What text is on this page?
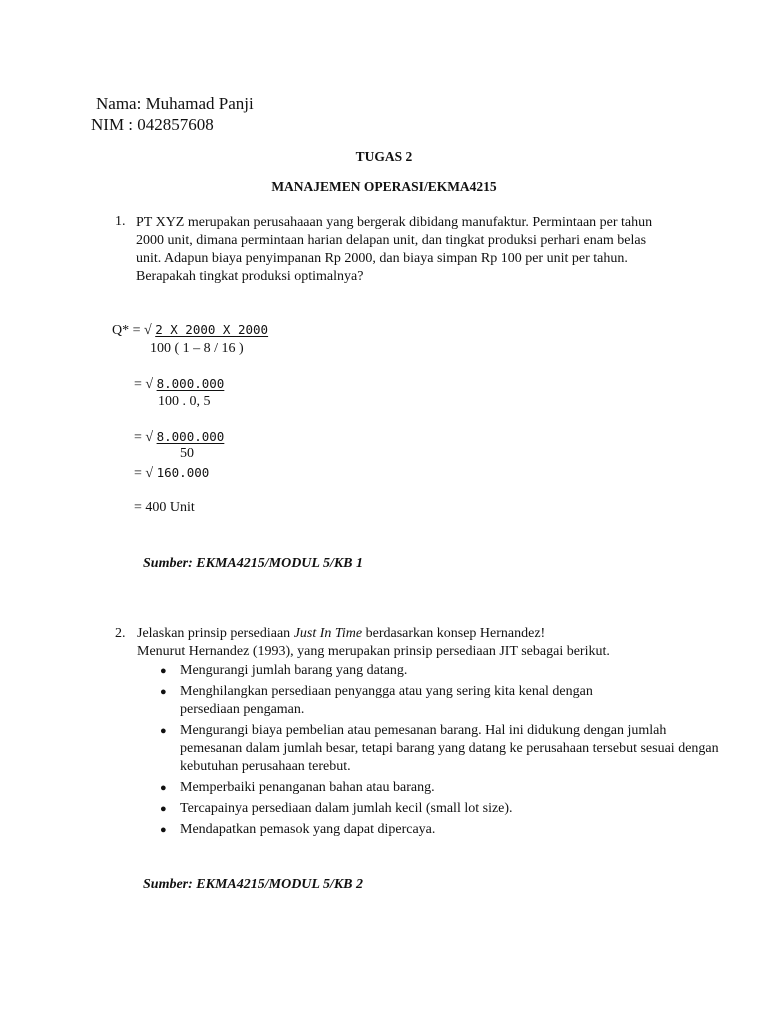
Nama: Muhamad Panji
NIM : 042857608
TUGAS 2
MANAJEMEN OPERASI/EKMA4215
1. PT XYZ merupakan perusahaaan yang bergerak dibidang manufaktur. Permintaan per tahun 2000 unit, dimana permintaan harian delapan unit, dan tingkat produksi perhari enam belas unit. Adapun biaya penyimpanan Rp 2000, dan biaya simpan Rp 100 per unit per tahun. Berapakah tingkat produksi optimalnya?
Q* = √ 2 X 2000 X 2000
100 ( 1 – 8 / 16 )
= √ 8.000.000
100 . 0, 5
= √ 8.000.000
50
= √ 160.000
= 400 Unit
Sumber: EKMA4215/MODUL 5/KB 1
2. Jelaskan prinsip persediaan Just In Time berdasarkan konsep Hernandez!
Menurut Hernandez (1993), yang merupakan prinsip persediaan JIT sebagai berikut.
● Mengurangi jumlah barang yang datang.
● Menghilangkan persediaan penyangga atau yang sering kita kenal dengan persediaan pengaman.
● Mengurangi biaya pembelian atau pemesanan barang. Hal ini didukung dengan jumlah pemesanan dalam jumlah besar, tetapi barang yang datang ke perusahaan tersebut sesuai dengan kebutuhan perusahaan terebut.
● Memperbaiki penanganan bahan atau barang.
● Tercapainya persediaan dalam jumlah kecil (small lot size).
● Mendapatkan pemasok yang dapat dipercaya.
Sumber: EKMA4215/MODUL 5/KB 2
